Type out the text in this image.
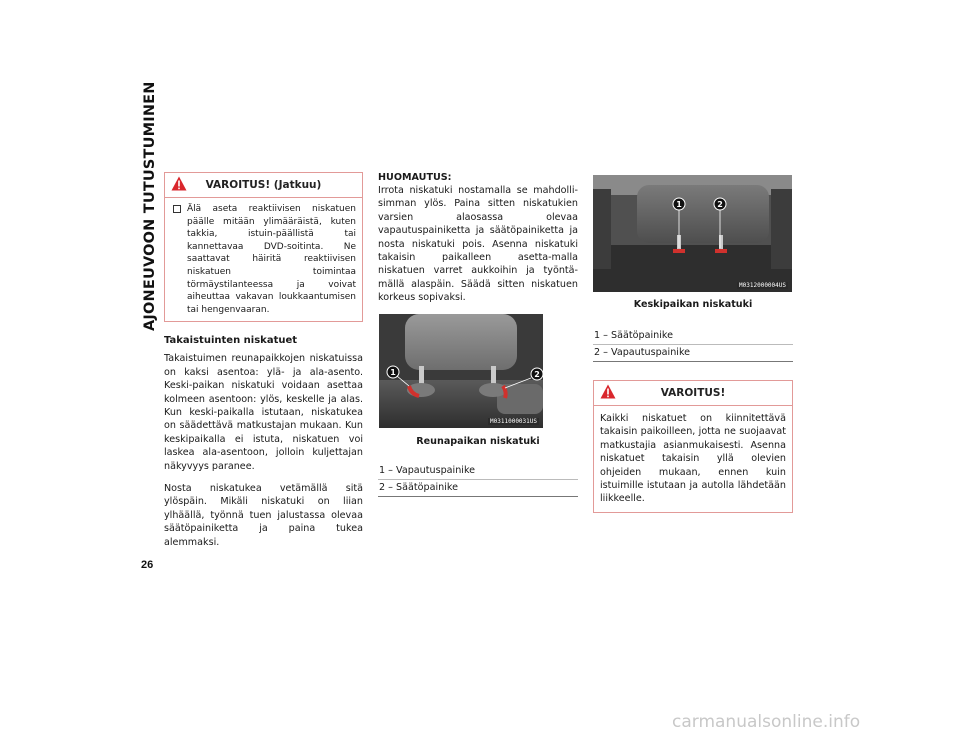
AJONEUVOON TUTUSTUMINEN
26
VAROITUS! (Jatkuu)
Älä aseta reaktiivisen niskatuen päälle mitään ylimääräistä, kuten takkia, istuin-päällistä tai kannettavaa DVD-soitinta. Ne saattavat häiritä reaktiivisen niskatuen toimintaa törmäystilanteessa ja voivat aiheuttaa vakavan loukkaantumisen tai hengenvaaran.
Takaistuinten niskatuet

Takaistuimen reunapaikkojen niskatuissa on kaksi asentoa: ylä- ja ala-asento. Keski-paikan niskatuki voidaan asettaa kolmeen asentoon: ylös, keskelle ja alas. Kun keski-paikalla istutaan, niskatukea on säädettävä matkustajan mukaan. Kun keskipaikalla ei istuta, niskatuen voi laskea ala-asentoon, jolloin kuljettajan näkyvyys paranee.

Nosta niskatukea vetämällä sitä ylöspäin. Mikäli niskatuki on liian ylhäällä, työnnä tuen jalustassa olevaa säätöpainiketta ja paina tukea alemmaksi.

HUOMAUTUS:

Irrota niskatuki nostamalla se mahdolli-simman ylös. Paina sitten niskatukien varsien alaosassa olevaa vapautuspainiketta ja säätöpainiketta ja nosta niskatuki pois. Asenna niskatuki takaisin paikalleen asetta-malla niskatuen varret aukkoihin ja työntä-mällä alaspäin. Säädä sitten niskatuen korkeus sopivaksi.

1	2
M0311000031US
Reunapaikan niskatuki
1 – Vapautuspainike
2 – Säätöpainike
1	2
M0312000004US
Keskipaikan niskatuki
1 – Säätöpainike
2 – Vapautuspainike
VAROITUS!
Kaikki niskatuet on kiinnitettävä takaisin paikoilleen, jotta ne suojaavat matkustajia asianmukaisesti. Asenna niskatuet takaisin yllä olevien ohjeiden mukaan, ennen kuin istuimille istutaan ja autolla lähdetään liikkeelle.
carmanualsonline.info
